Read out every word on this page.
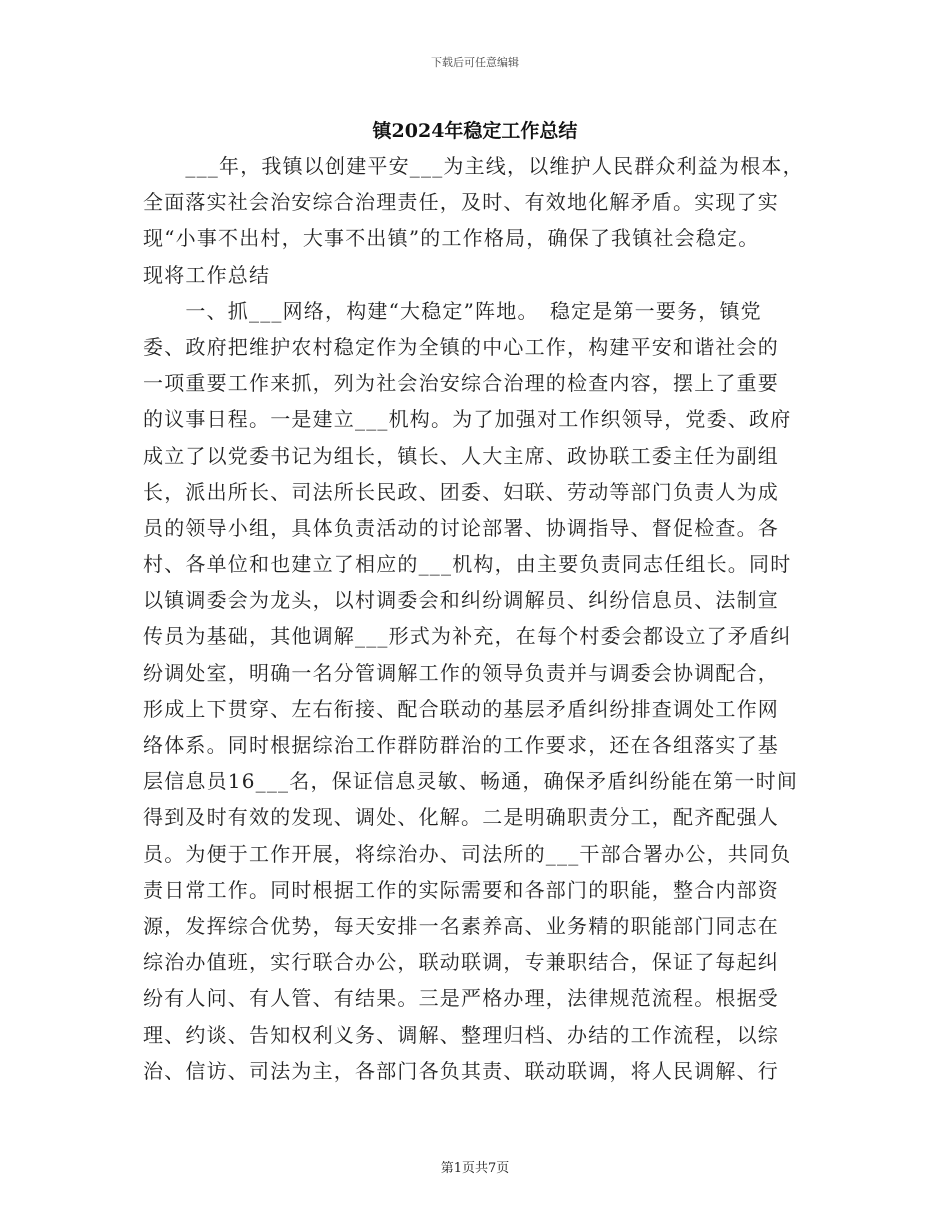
下载后可任意编辑
镇2024年稳定工作总结
　　___年，我镇以创建平安___为主线，以维护人民群众利益为根本，
全面落实社会治安综合治理责任，及时、有效地化解矛盾。实现了实
现“小事不出村，大事不出镇”的工作格局，确保了我镇社会稳定。
现将工作总结
　　一、抓___网络，构建“大稳定”阵地。　稳定是第一要务，镇党
委、政府把维护农村稳定作为全镇的中心工作，构建平安和谐社会的
一项重要工作来抓，列为社会治安综合治理的检查内容，摆上了重要
的议事日程。一是建立___机构。为了加强对工作织领导，党委、政府
成立了以党委书记为组长，镇长、人大主席、政协联工委主任为副组
长，派出所长、司法所长民政、团委、妇联、劳动等部门负责人为成
员的领导小组，具体负责活动的讨论部署、协调指导、督促检查。各
村、各单位和也建立了相应的___机构，由主要负责同志任组长。同时
以镇调委会为龙头，以村调委会和纠纷调解员、纠纷信息员、法制宣
传员为基础，其他调解___形式为补充，在每个村委会都设立了矛盾纠
纷调处室，明确一名分管调解工作的领导负责并与调委会协调配合，
形成上下贯穿、左右衔接、配合联动的基层矛盾纠纷排查调处工作网
络体系。同时根据综治工作群防群治的工作要求，还在各组落实了基
层信息员16___名，保证信息灵敏、畅通，确保矛盾纠纷能在第一时间
得到及时有效的发现、调处、化解。二是明确职责分工，配齐配强人
员。为便于工作开展，将综治办、司法所的___干部合署办公，共同负
责日常工作。同时根据工作的实际需要和各部门的职能，整合内部资
源，发挥综合优势，每天安排一名素养高、业务精的职能部门同志在
综治办值班，实行联合办公，联动联调，专兼职结合，保证了每起纠
纷有人问、有人管、有结果。三是严格办理，法律规范流程。根据受
理、约谈、告知权利义务、调解、整理归档、办结的工作流程，以综
治、信访、司法为主，各部门各负其责、联动联调，将人民调解、行
第1页共7页
